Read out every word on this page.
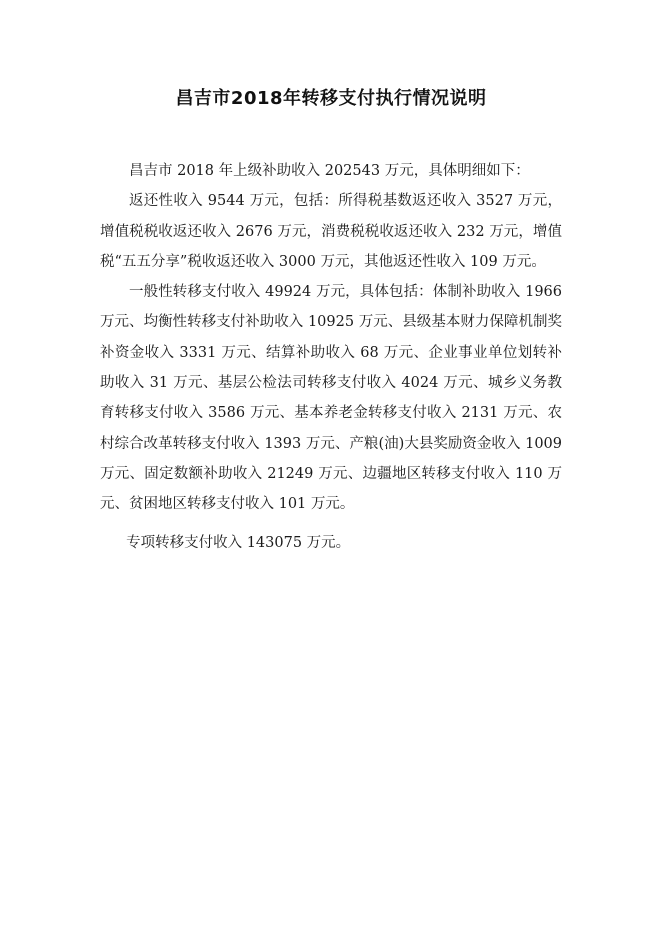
昌吉市2018年转移支付执行情况说明

昌吉市 2018 年上级补助收入 202543 万元，具体明细如下：

返还性收入 9544 万元，包括：所得税基数返还收入 3527 万元，增值税税收返还收入 2676 万元，消费税税收返还收入 232 万元，增值税“五五分享”税收返还收入 3000 万元，其他返还性收入 109 万元。

一般性转移支付收入 49924 万元，具体包括：体制补助收入 1966 万元、均衡性转移支付补助收入 10925 万元、县级基本财力保障机制奖补资金收入 3331 万元、结算补助收入 68 万元、企业事业单位划转补助收入 31 万元、基层公检法司转移支付收入 4024 万元、城乡义务教育转移支付收入 3586 万元、基本养老金转移支付收入 2131 万元、农村综合改革转移支付收入 1393 万元、产粮(油)大县奖励资金收入 1009 万元、固定数额补助收入 21249 万元、边疆地区转移支付收入 110 万元、贫困地区转移支付收入 101 万元。

专项转移支付收入 143075 万元。
